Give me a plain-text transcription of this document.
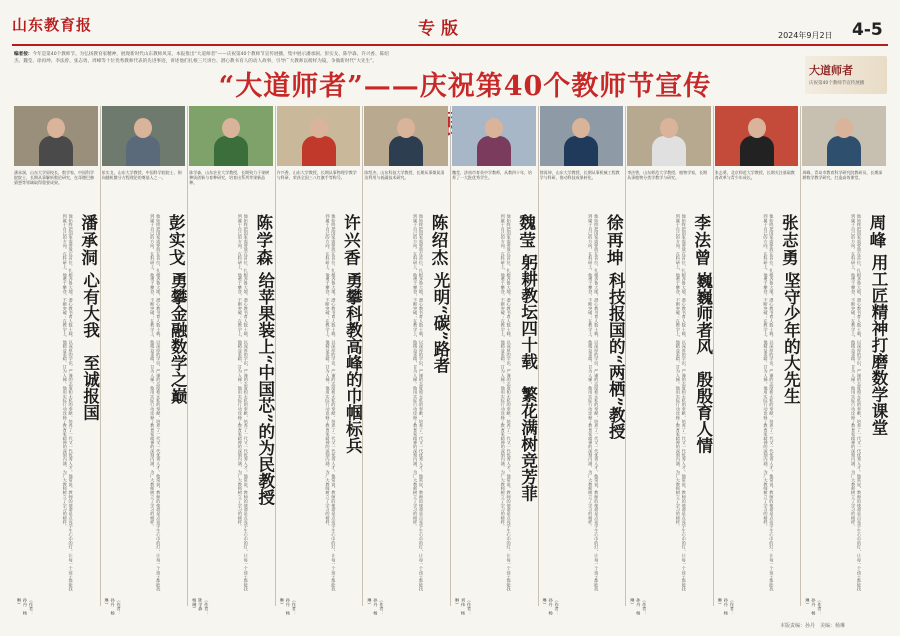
山东教育报	专版	2024年9月2日 4-5
编者按：今年是第40个教师节。为弘扬教育家精神，展现新时代山东教师风采，本报推出“大道师者”——庆祝第40个教师节宣传展播，集中展示潘承洞、彭实戈、陈学森、许兴香、陈绍杰、魏莹、徐再坤、李法曾、张志勇、周峰等十位优秀教师代表的先进事迹，讲述他们扎根三尺讲台、潜心教书育人的动人故事，引导广大教师以榜样为镜，争做新时代“大先生”。
“大道师者”——庆祝第40个教师节宣传展
大道师者
庆祝第40个教师节宣传展播
潘承洞，山东大学原校长，数学家，中国科学院院士，长期从事解析数论研究，在哥德巴赫猜想等领域取得重要成果。
彭实戈，山东大学教授，中国科学院院士，倒向随机微分方程理论的奠基人之一。
陈学森，山东农业大学教授，长期致力于果树种质创新与育种研究，培育出系列苹果新品种。
许兴香，山东大学教授，长期从事物理学教学与科研，荣获全国三八红旗手等称号。
陈绍杰，山东科技大学教授，长期从事煤炭清洁利用与低碳技术研究。
魏莹，济南市育英中学教师，从教四十年，培养了一大批优秀学生。
徐再坤，山东大学教授，长期从事机械工程教学与科研，推动科技成果转化。
李法曾，山东师范大学教授，植物学家，长期从事植物分类学教学与研究。
张志勇，北京师范大学教授，长期关注基础教育改革与青少年成长。
周峰，青岛市教育科学研究院教研员，长期深耕数学教学研究，打造高效课堂。
潘承洞
心有大我　至诚报国
他始终把国家需要放在首位，扎根齐鲁大地，潜心教书育人数十载，以深厚的学识、严谨的态度和无私的奉献，培养了一代又一代优秀人才。他常说，教师的使命是点亮学生心中的灯，让每一个孩子都能找到属于自己的方向。在科研上，他勇于攀登，不断突破；在教学上，他精益求精，甘为人梯。他用实际行动诠释了教育家精神的深刻内涵，为广大教师树立了学习的榜样。
（作者：孙丹　杨琳）
彭实戈
勇攀金融数学之巅
他始终把国家需要放在首位，扎根齐鲁大地，潜心教书育人数十载，以深厚的学识、严谨的态度和无私的奉献，培养了一代又一代优秀人才。他常说，教师的使命是点亮学生心中的灯，让每一个孩子都能找到属于自己的方向。在科研上，他勇于攀登，不断突破；在教学上，他精益求精，甘为人梯。他用实际行动诠释了教育家精神的深刻内涵，为广大教师树立了学习的榜样。
（作者：孙丹　杨琳）
陈学森
给苹果装上“中国芯”的为民教授
他始终把国家需要放在首位，扎根齐鲁大地，潜心教书育人数十载，以深厚的学识、严谨的态度和无私的奉献，培养了一代又一代优秀人才。他常说，教师的使命是点亮学生心中的灯，让每一个孩子都能找到属于自己的方向。在科研上，他勇于攀登，不断突破；在教学上，他精益求精，甘为人梯。他用实际行动诠释了教育家精神的深刻内涵，为广大教师树立了学习的榜样。
（作者：陈学森　杨琳）
许兴香
勇攀科教高峰的巾帼标兵
他始终把国家需要放在首位，扎根齐鲁大地，潜心教书育人数十载，以深厚的学识、严谨的态度和无私的奉献，培养了一代又一代优秀人才。他常说，教师的使命是点亮学生心中的灯，让每一个孩子都能找到属于自己的方向。在科研上，他勇于攀登，不断突破；在教学上，他精益求精，甘为人梯。他用实际行动诠释了教育家精神的深刻内涵，为广大教师树立了学习的榜样。
（作者：孙丹　杨琳）
陈绍杰
光明“碳”路者
他始终把国家需要放在首位，扎根齐鲁大地，潜心教书育人数十载，以深厚的学识、严谨的态度和无私的奉献，培养了一代又一代优秀人才。他常说，教师的使命是点亮学生心中的灯，让每一个孩子都能找到属于自己的方向。在科研上，他勇于攀登，不断突破；在教学上，他精益求精，甘为人梯。他用实际行动诠释了教育家精神的深刻内涵，为广大教师树立了学习的榜样。
（作者：孙丹　杨琳）
魏莹
躬耕教坛四十载　繁花满树竞芳菲
他始终把国家需要放在首位，扎根齐鲁大地，潜心教书育人数十载，以深厚的学识、严谨的态度和无私的奉献，培养了一代又一代优秀人才。他常说，教师的使命是点亮学生心中的灯，让每一个孩子都能找到属于自己的方向。在科研上，他勇于攀登，不断突破；在教学上，他精益求精，甘为人梯。他用实际行动诠释了教育家精神的深刻内涵，为广大教师树立了学习的榜样。
（作者：刘伟　杨琳）
徐再坤
科技报国的“两栖”教授
他始终把国家需要放在首位，扎根齐鲁大地，潜心教书育人数十载，以深厚的学识、严谨的态度和无私的奉献，培养了一代又一代优秀人才。他常说，教师的使命是点亮学生心中的灯，让每一个孩子都能找到属于自己的方向。在科研上，他勇于攀登，不断突破；在教学上，他精益求精，甘为人梯。他用实际行动诠释了教育家精神的深刻内涵，为广大教师树立了学习的榜样。
（作者：孙丹　杨琳）
李法曾
巍巍师者风　殷殷育人情
他始终把国家需要放在首位，扎根齐鲁大地，潜心教书育人数十载，以深厚的学识、严谨的态度和无私的奉献，培养了一代又一代优秀人才。他常说，教师的使命是点亮学生心中的灯，让每一个孩子都能找到属于自己的方向。在科研上，他勇于攀登，不断突破；在教学上，他精益求精，甘为人梯。他用实际行动诠释了教育家精神的深刻内涵，为广大教师树立了学习的榜样。
（作者：孙丹　杨琳）
张志勇
坚守少年的大先生
他始终把国家需要放在首位，扎根齐鲁大地，潜心教书育人数十载，以深厚的学识、严谨的态度和无私的奉献，培养了一代又一代优秀人才。他常说，教师的使命是点亮学生心中的灯，让每一个孩子都能找到属于自己的方向。在科研上，他勇于攀登，不断突破；在教学上，他精益求精，甘为人梯。他用实际行动诠释了教育家精神的深刻内涵，为广大教师树立了学习的榜样。
（作者：孙丹　杨琳）
周峰
用工匠精神打磨数学课堂
他始终把国家需要放在首位，扎根齐鲁大地，潜心教书育人数十载，以深厚的学识、严谨的态度和无私的奉献，培养了一代又一代优秀人才。他常说，教师的使命是点亮学生心中的灯，让每一个孩子都能找到属于自己的方向。在科研上，他勇于攀登，不断突破；在教学上，他精益求精，甘为人梯。他用实际行动诠释了教育家精神的深刻内涵，为广大教师树立了学习的榜样。
（作者：孙丹　杨琳）
本版责编：孙丹　美编：杨琳
